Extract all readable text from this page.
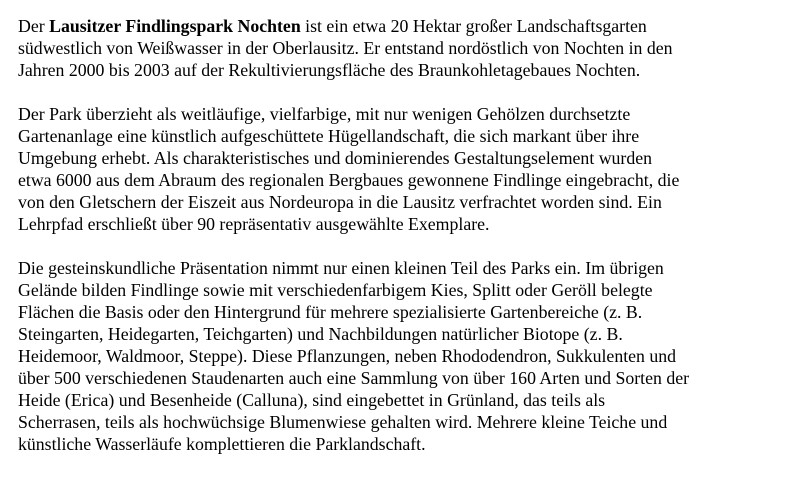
Der Lausitzer Findlingspark Nochten ist ein etwa 20 Hektar großer Landschaftsgarten
südwestlich von Weißwasser in der Oberlausitz. Er entstand nordöstlich von Nochten in den
Jahren 2000 bis 2003 auf der Rekultivierungsfläche des Braunkohletagebaues Nochten.

Der Park überzieht als weitläufige, vielfarbige, mit nur wenigen Gehölzen durchsetzte
Gartenanlage eine künstlich aufgeschüttete Hügellandschaft, die sich markant über ihre
Umgebung erhebt. Als charakteristisches und dominierendes Gestaltungselement wurden
etwa 6000 aus dem Abraum des regionalen Bergbaues gewonnene Findlinge eingebracht, die
von den Gletschern der Eiszeit aus Nordeuropa in die Lausitz verfrachtet worden sind. Ein
Lehrpfad erschließt über 90 repräsentativ ausgewählte Exemplare.

Die gesteinskundliche Präsentation nimmt nur einen kleinen Teil des Parks ein. Im übrigen
Gelände bilden Findlinge sowie mit verschiedenfarbigem Kies, Splitt oder Geröll belegte
Flächen die Basis oder den Hintergrund für mehrere spezialisierte Gartenbereiche (z. B.
Steingarten, Heidegarten, Teichgarten) und Nachbildungen natürlicher Biotope (z. B.
Heidemoor, Waldmoor, Steppe). Diese Pflanzungen, neben Rhododendron, Sukkulenten und
über 500 verschiedenen Staudenarten auch eine Sammlung von über 160 Arten und Sorten der
Heide (Erica) und Besenheide (Calluna), sind eingebettet in Grünland, das teils als
Scherrasen, teils als hochwüchsige Blumenwiese gehalten wird. Mehrere kleine Teiche und
künstliche Wasserläufe komplettieren die Parklandschaft.
